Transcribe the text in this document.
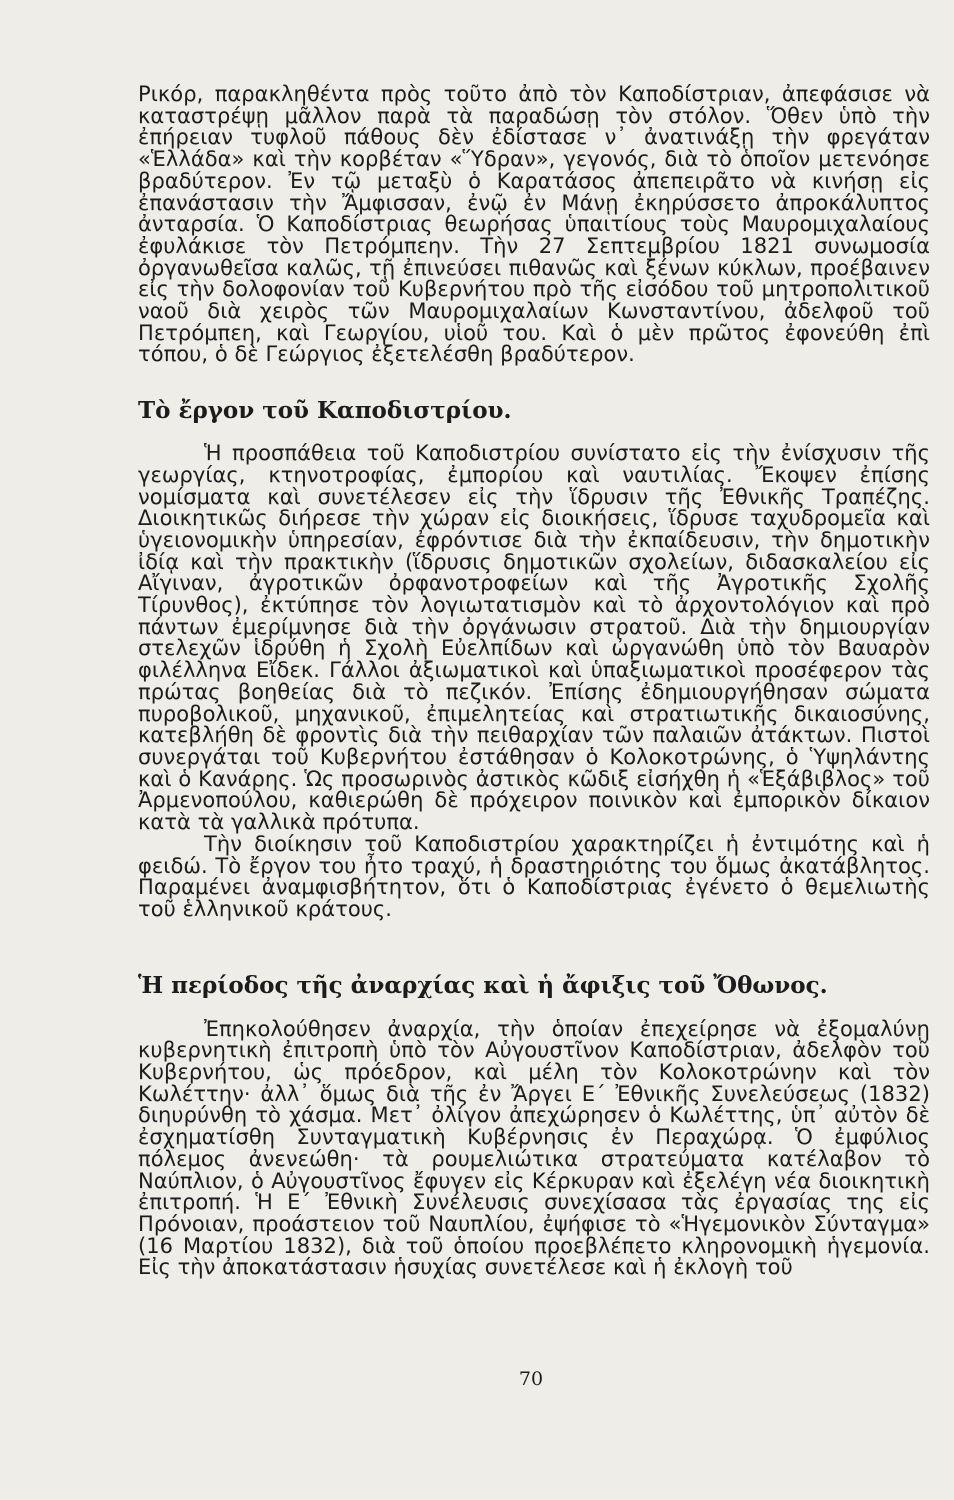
Ρικόρ, παρακληθέντα πρὸς τοῦτο ἀπὸ τὸν Καποδίστριαν, ἀπεφάσισε νὰ καταστρέψῃ μᾶλλον παρὰ τὰ παραδώσῃ τὸν στόλον. Ὅθεν ὑπὸ τὴν ἐπήρειαν τυφλοῦ πάθους δὲν ἐδίστασε ν᾽ ἀνατινάξῃ τὴν φρεγάταν «Ἑλλάδα» καὶ τὴν κορβέταν «Ὕδραν», γεγονός, διὰ τὸ ὁποῖον μετενόησε βραδύτερον. Ἐν τῷ μεταξὺ ὁ Καρατάσος ἀπεπειρᾶτο νὰ κινήσῃ εἰς ἐπανάστασιν τὴν Ἄμφισσαν, ἐνῷ ἐν Μάνῃ ἐκηρύσσετο ἀπροκάλυπτος ἀνταρσία. Ὁ Καποδίστριας θεωρήσας ὑπαιτίους τοὺς Μαυρομιχαλαίους ἐφυλάκισε τὸν Πετρόμπεην. Τὴν 27 Σεπτεμβρίου 1821 συνωμοσία ὀργανωθεῖσα καλῶς, τῇ ἐπινεύσει πιθανῶς καὶ ξένων κύκλων, προέβαινεν εἰς τὴν δολοφονίαν τοῦ Κυβερνήτου πρὸ τῆς εἰσόδου τοῦ μητροπολιτικοῦ ναοῦ διὰ χειρὸς τῶν Μαυρομιχαλαίων Κωνσταντίνου, ἀδελφοῦ τοῦ Πετρόμπεη, καὶ Γεωργίου, υἱοῦ του. Καὶ ὁ μὲν πρῶτος ἐφονεύθη ἐπὶ τόπου, ὁ δὲ Γεώργιος ἐξετελέσθη βραδύτερον.

Τὸ ἔργον τοῦ Καποδιστρίου.

Ἡ προσπάθεια τοῦ Καποδιστρίου συνίστατο εἰς τὴν ἐνίσχυσιν τῆς γεωργίας, κτηνοτροφίας, ἐμπορίου καὶ ναυτιλίας. Ἔκοψεν ἐπίσης νομίσματα καὶ συνετέλεσεν εἰς τὴν ἵδρυσιν τῆς Ἐθνικῆς Τραπέζης. Διοικητικῶς διήρεσε τὴν χώραν εἰς διοικήσεις, ἵδρυσε ταχυδρομεῖα καὶ ὑγειονομικὴν ὑπηρεσίαν, ἐφρόντισε διὰ τὴν ἐκπαίδευσιν, τὴν δημοτικὴν ἰδίᾳ καὶ τὴν πρακτικὴν (ἵδρυσις δημοτικῶν σχολείων, διδασκαλείου εἰς Αἴγιναν, ἀγροτικῶν ὀρφανοτροφείων καὶ τῆς Ἀγροτικῆς Σχολῆς Τίρυνθος), ἐκτύπησε τὸν λογιωτατισμὸν καὶ τὸ ἀρχοντολόγιον καὶ πρὸ πάντων ἐμερίμνησε διὰ τὴν ὀργάνωσιν στρατοῦ. Διὰ τὴν δημιουργίαν στελεχῶν ἱδρύθη ἡ Σχολὴ Εὐελπίδων καὶ ὠργανώθη ὑπὸ τὸν Βαυαρὸν φιλέλληνα Εἴδεκ. Γάλλοι ἀξιωματικοὶ καὶ ὑπαξιωματικοὶ προσέφερον τὰς πρώτας βοηθείας διὰ τὸ πεζικόν. Ἐπίσης ἐδημιουργήθησαν σώματα πυροβολικοῦ, μηχανικοῦ, ἐπιμελητείας καὶ στρατιωτικῆς δικαιοσύνης, κατεβλήθη δὲ φροντὶς διὰ τὴν πειθαρχίαν τῶν παλαιῶν ἀτάκτων. Πιστοὶ συνεργάται τοῦ Κυβερνήτου ἐστάθησαν ὁ Κολοκοτρώνης, ὁ Ὑψηλάντης καὶ ὁ Κανάρης. Ὡς προσωρινὸς ἀστικὸς κῶδιξ εἰσήχθη ἡ «Ἑξάβιβλος» τοῦ Ἀρμενοπούλου, καθιερώθη δὲ πρόχειρον ποινικὸν καὶ ἐμπορικὸν δίκαιον κατὰ τὰ γαλλικὰ πρότυπα.

Τὴν διοίκησιν τοῦ Καποδιστρίου χαρακτηρίζει ἡ ἐντιμότης καὶ ἡ φειδώ. Τὸ ἔργον του ἦτο τραχύ, ἡ δραστηριότης του ὅμως ἀκατάβλητος. Παραμένει ἀναμφισβήτητον, ὅτι ὁ Καποδίστριας ἐγένετο ὁ θεμελιωτὴς τοῦ ἑλληνικοῦ κράτους.

Ἡ περίοδος τῆς ἀναρχίας καὶ ἡ ἄφιξις τοῦ Ὄθωνος.

Ἐπηκολούθησεν ἀναρχία, τὴν ὁποίαν ἐπεχείρησε νὰ ἐξομαλύνῃ κυβερνητικὴ ἐπιτροπὴ ὑπὸ τὸν Αὐγουστῖνον Καποδίστριαν, ἀδελφὸν τοῦ Κυβερνήτου, ὡς πρόεδρον, καὶ μέλη τὸν Κολοκοτρώνην καὶ τὸν Κωλέττην· ἀλλ᾽ ὅμως διὰ τῆς ἐν Ἄργει Ε΄ Ἐθνικῆς Συνελεύσεως (1832) διηυρύνθη τὸ χάσμα. Μετ᾽ ὀλίγον ἀπεχώρησεν ὁ Κωλέττης, ὑπ᾽ αὐτὸν δὲ ἐσχηματίσθη Συνταγματικὴ Κυβέρνησις ἐν Περαχώρᾳ. Ὁ ἐμφύλιος πόλεμος ἀνενεώθη· τὰ ρουμελιώτικα στρατεύματα κατέλαβον τὸ Ναύπλιον, ὁ Αὐγουστῖνος ἔφυγεν εἰς Κέρκυραν καὶ ἐξελέγη νέα διοικητικὴ ἐπιτροπή. Ἡ Ε΄ Ἐθνικὴ Συνέλευσις συνεχίσασα τὰς ἐργασίας της εἰς Πρόνοιαν, προάστειον τοῦ Ναυπλίου, ἐψήφισε τὸ «Ἡγεμονικὸν Σύνταγμα» (16 Μαρτίου 1832), διὰ τοῦ ὁποίου προεβλέπετο κληρονομικὴ ἡγεμονία. Εἰς τὴν ἀποκατάστασιν ἡσυχίας συνετέλεσε καὶ ἡ ἐκλογὴ τοῦ

70
